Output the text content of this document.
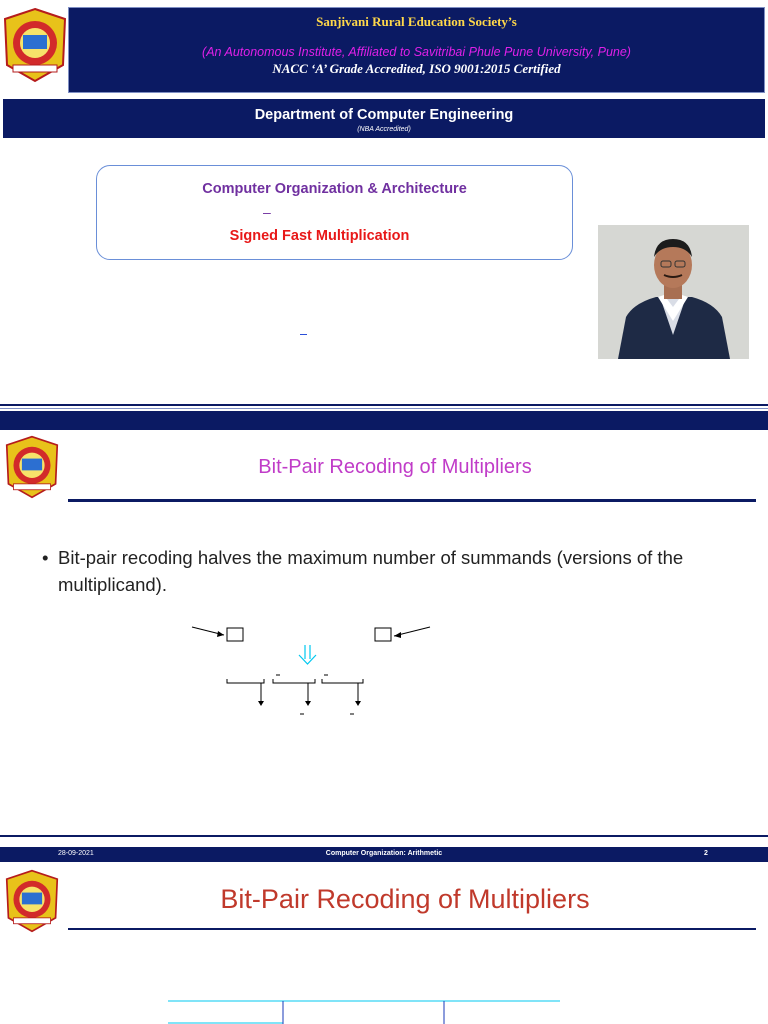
Sanjivani Rural Education Society’s
(An Autonomous Institute, Affiliated to Savitribai Phule Pune University, Pune)
NACC ‘A’ Grade Accredited, ISO 9001:2015 Certified
Department of Computer Engineering
(NBA Accredited)
Computer Organization & Architecture
–
Signed Fast Multiplication
Bit-Pair Recoding of Multipliers
• Bit-pair recoding halves the maximum number of summands (versions of the multiplicand).
28-09-2021	Computer Organization: Arithmetic	2
Bit-Pair Recoding of Multipliers
